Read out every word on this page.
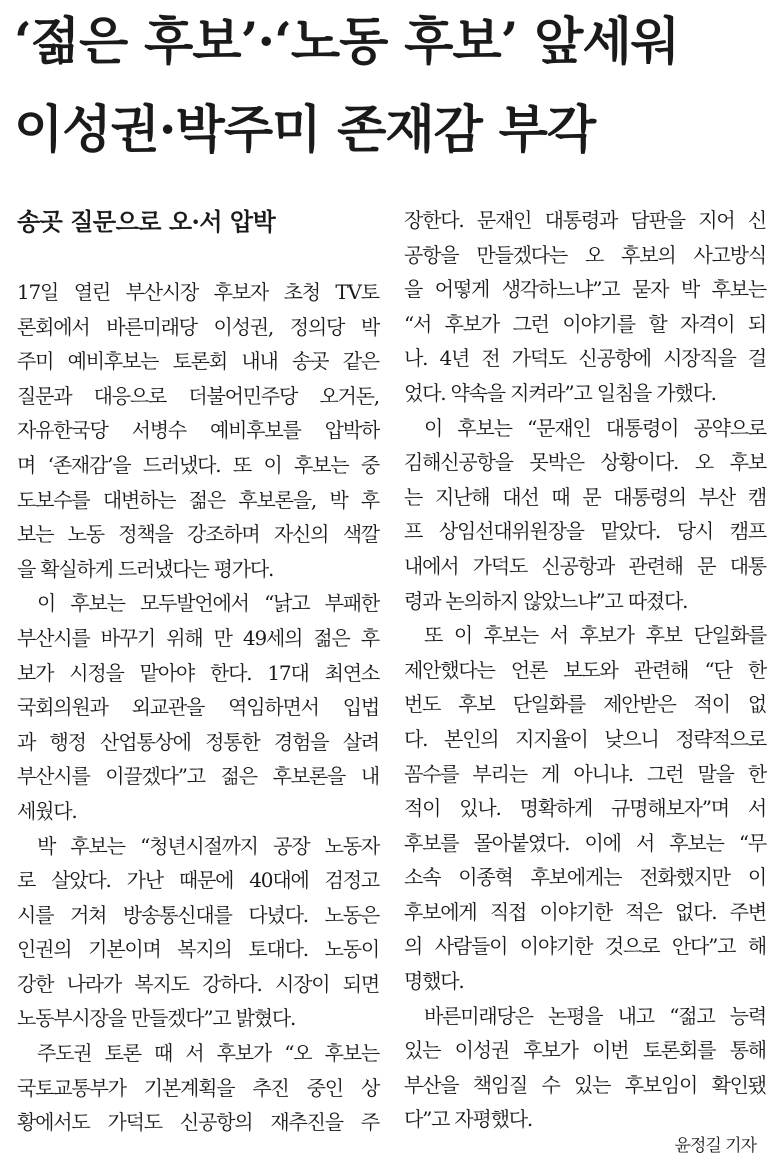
‘젊은 후보’·‘노동 후보’ 앞세워
이성권·박주미 존재감 부각
송곳 질문으로 오·서 압박
17일 열린 부산시장 후보자 초청 TV토
론회에서 바른미래당 이성권, 정의당 박
주미 예비후보는 토론회 내내 송곳 같은
질문과 대응으로 더불어민주당 오거돈,
자유한국당 서병수 예비후보를 압박하
며 ‘존재감’을 드러냈다. 또 이 후보는 중
도보수를 대변하는 젊은 후보론을, 박 후
보는 노동 정책을 강조하며 자신의 색깔
을 확실하게 드러냈다는 평가다.
이 후보는 모두발언에서 “낡고 부패한
부산시를 바꾸기 위해 만 49세의 젊은 후
보가 시정을 맡아야 한다. 17대 최연소
국회의원과 외교관을 역임하면서 입법
과 행정 산업통상에 정통한 경험을 살려
부산시를 이끌겠다”고 젊은 후보론을 내
세웠다.
박 후보는 “청년시절까지 공장 노동자
로 살았다. 가난 때문에 40대에 검정고
시를 거쳐 방송통신대를 다녔다. 노동은
인권의 기본이며 복지의 토대다. 노동이
강한 나라가 복지도 강하다. 시장이 되면
노동부시장을 만들겠다”고 밝혔다.
주도권 토론 때 서 후보가 “오 후보는
국토교통부가 기본계획을 추진 중인 상
황에서도 가덕도 신공항의 재추진을 주
장한다. 문재인 대통령과 담판을 지어 신
공항을 만들겠다는 오 후보의 사고방식
을 어떻게 생각하느냐”고 묻자 박 후보는
“서 후보가 그런 이야기를 할 자격이 되
나. 4년 전 가덕도 신공항에 시장직을 걸
었다. 약속을 지켜라”고 일침을 가했다.
이 후보는 “문재인 대통령이 공약으로
김해신공항을 못박은 상황이다. 오 후보
는 지난해 대선 때 문 대통령의 부산 캠
프 상임선대위원장을 맡았다. 당시 캠프
내에서 가덕도 신공항과 관련해 문 대통
령과 논의하지 않았느냐”고 따졌다.
또 이 후보는 서 후보가 후보 단일화를
제안했다는 언론 보도와 관련해 “단 한
번도 후보 단일화를 제안받은 적이 없
다. 본인의 지지율이 낮으니 정략적으로
꼼수를 부리는 게 아니냐. 그런 말을 한
적이 있나. 명확하게 규명해보자”며 서
후보를 몰아붙였다. 이에 서 후보는 “무
소속 이종혁 후보에게는 전화했지만 이
후보에게 직접 이야기한 적은 없다. 주변
의 사람들이 이야기한 것으로 안다”고 해
명했다.
바른미래당은 논평을 내고 “젊고 능력
있는 이성권 후보가 이번 토론회를 통해
부산을 책임질 수 있는 후보임이 확인됐
다”고 자평했다.
윤정길 기자
